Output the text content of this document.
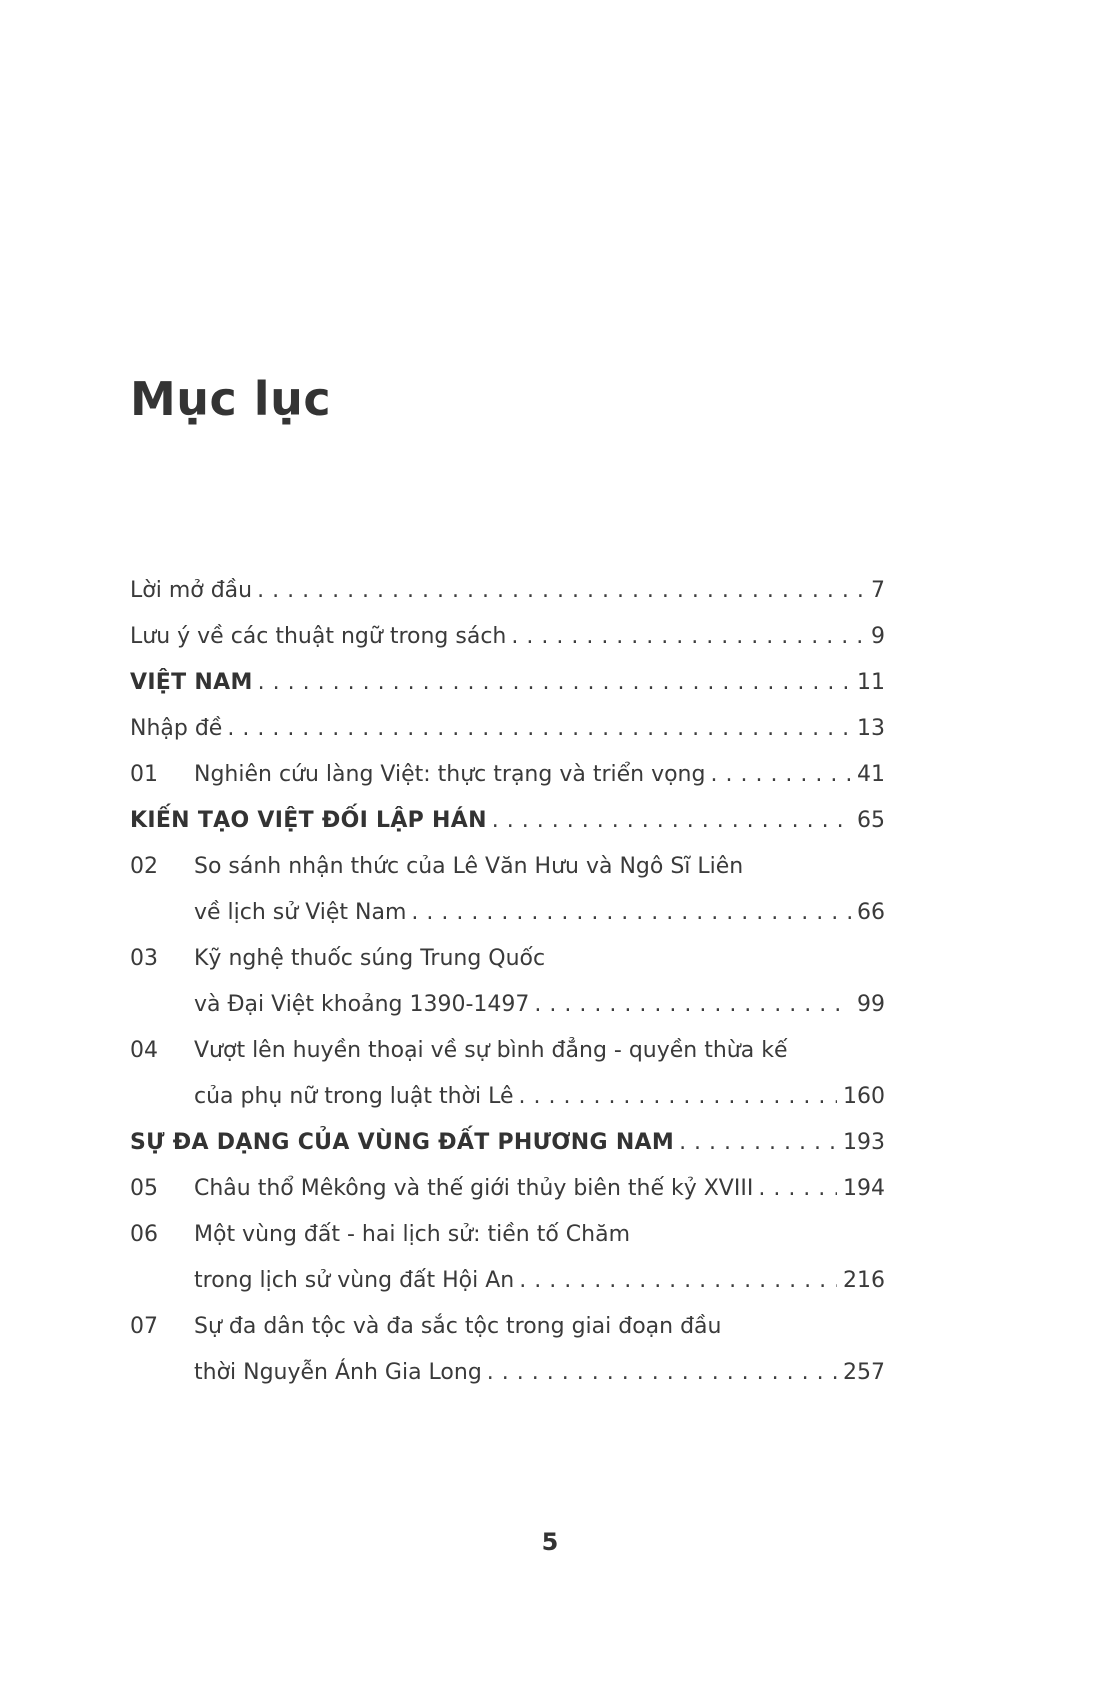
Mục lục
Lời mở đầu .....	7
Lưu ý về các thuật ngữ trong sách .....	9
VIỆT NAM .....	11
Nhập đề .....	13
01	Nghiên cứu làng Việt: thực trạng và triển vọng .....	41
KIẾN TẠO VIỆT ĐỐI LẬP HÁN .....	65
02	So sánh nhận thức của Lê Văn Hưu và Ngô Sĩ Liên
về lịch sử Việt Nam .....	66
03	Kỹ nghệ thuốc súng Trung Quốc
và Đại Việt khoảng 1390-1497 .....	99
04	Vượt lên huyền thoại về sự bình đẳng - quyền thừa kế
của phụ nữ trong luật thời Lê .....	160
SỰ ĐA DẠNG CỦA VÙNG ĐẤT PHƯƠNG NAM .....	193
05	Châu thổ Mêkông và thế giới thủy biên thế kỷ XVIII .....	194
06	Một vùng đất - hai lịch sử: tiền tố Chăm
trong lịch sử vùng đất Hội An .....	216
07	Sự đa dân tộc và đa sắc tộc trong giai đoạn đầu
thời Nguyễn Ánh Gia Long .....	257
5
